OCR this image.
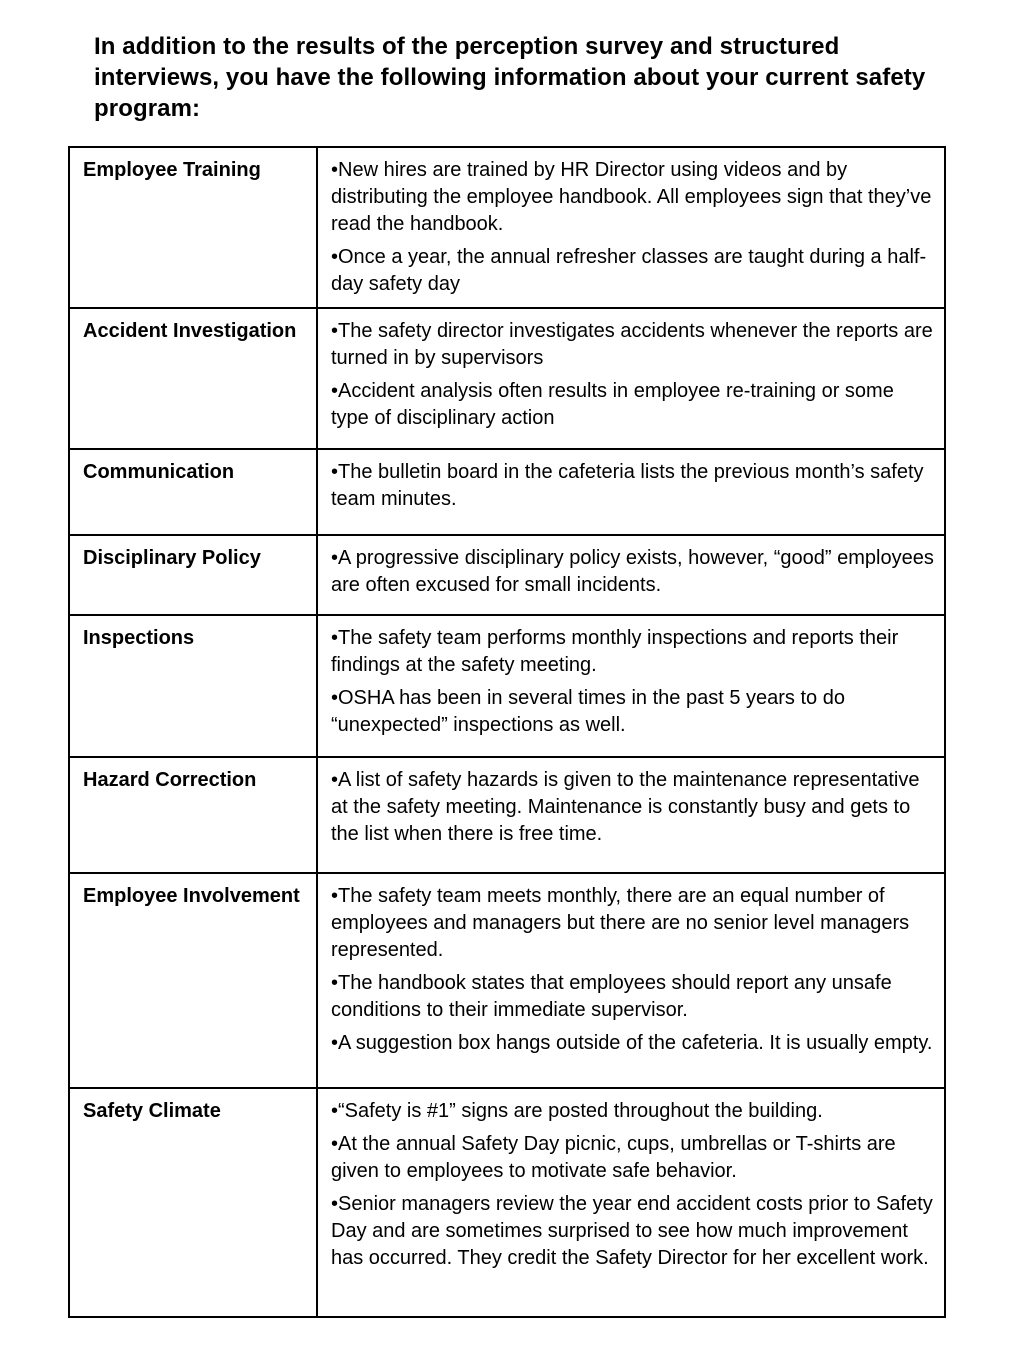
In addition to the results of the perception survey and structured interviews, you have the following information about your current safety program:
Employee Training	•New hires are trained by HR Director using videos and by distributing the employee handbook. All employees sign that they’ve read the handbook.

•Once a year, the annual refresher classes are taught during a half-day safety day

Accident Investigation	•The safety director investigates accidents whenever the reports are turned in by supervisors

•Accident analysis often results in employee re-training or some type of disciplinary action

Communication	•The bulletin board in the cafeteria lists the previous month’s safety team minutes.

Disciplinary Policy	•A progressive disciplinary policy exists, however, “good” employees are often excused for small incidents.

Inspections	•The safety team performs monthly inspections and reports their findings at the safety meeting.

•OSHA has been in several times in the past 5 years to do “unexpected” inspections as well.

Hazard Correction	•A list of safety hazards is given to the maintenance representative at the safety meeting. Maintenance is constantly busy and gets to the list when there is free time.

Employee Involvement	•The safety team meets monthly, there are an equal number of employees and managers but there are no senior level managers represented.

•The handbook states that employees should report any unsafe conditions to their immediate supervisor.

•A suggestion box hangs outside of the cafeteria. It is usually empty.

Safety Climate	•“Safety is #1” signs are posted throughout the building.

•At the annual Safety Day picnic, cups, umbrellas or T-shirts are given to employees to motivate safe behavior.

•Senior managers review the year end accident costs prior to Safety Day and are sometimes surprised to see how much improvement has occurred. They credit the Safety Director for her excellent work.
